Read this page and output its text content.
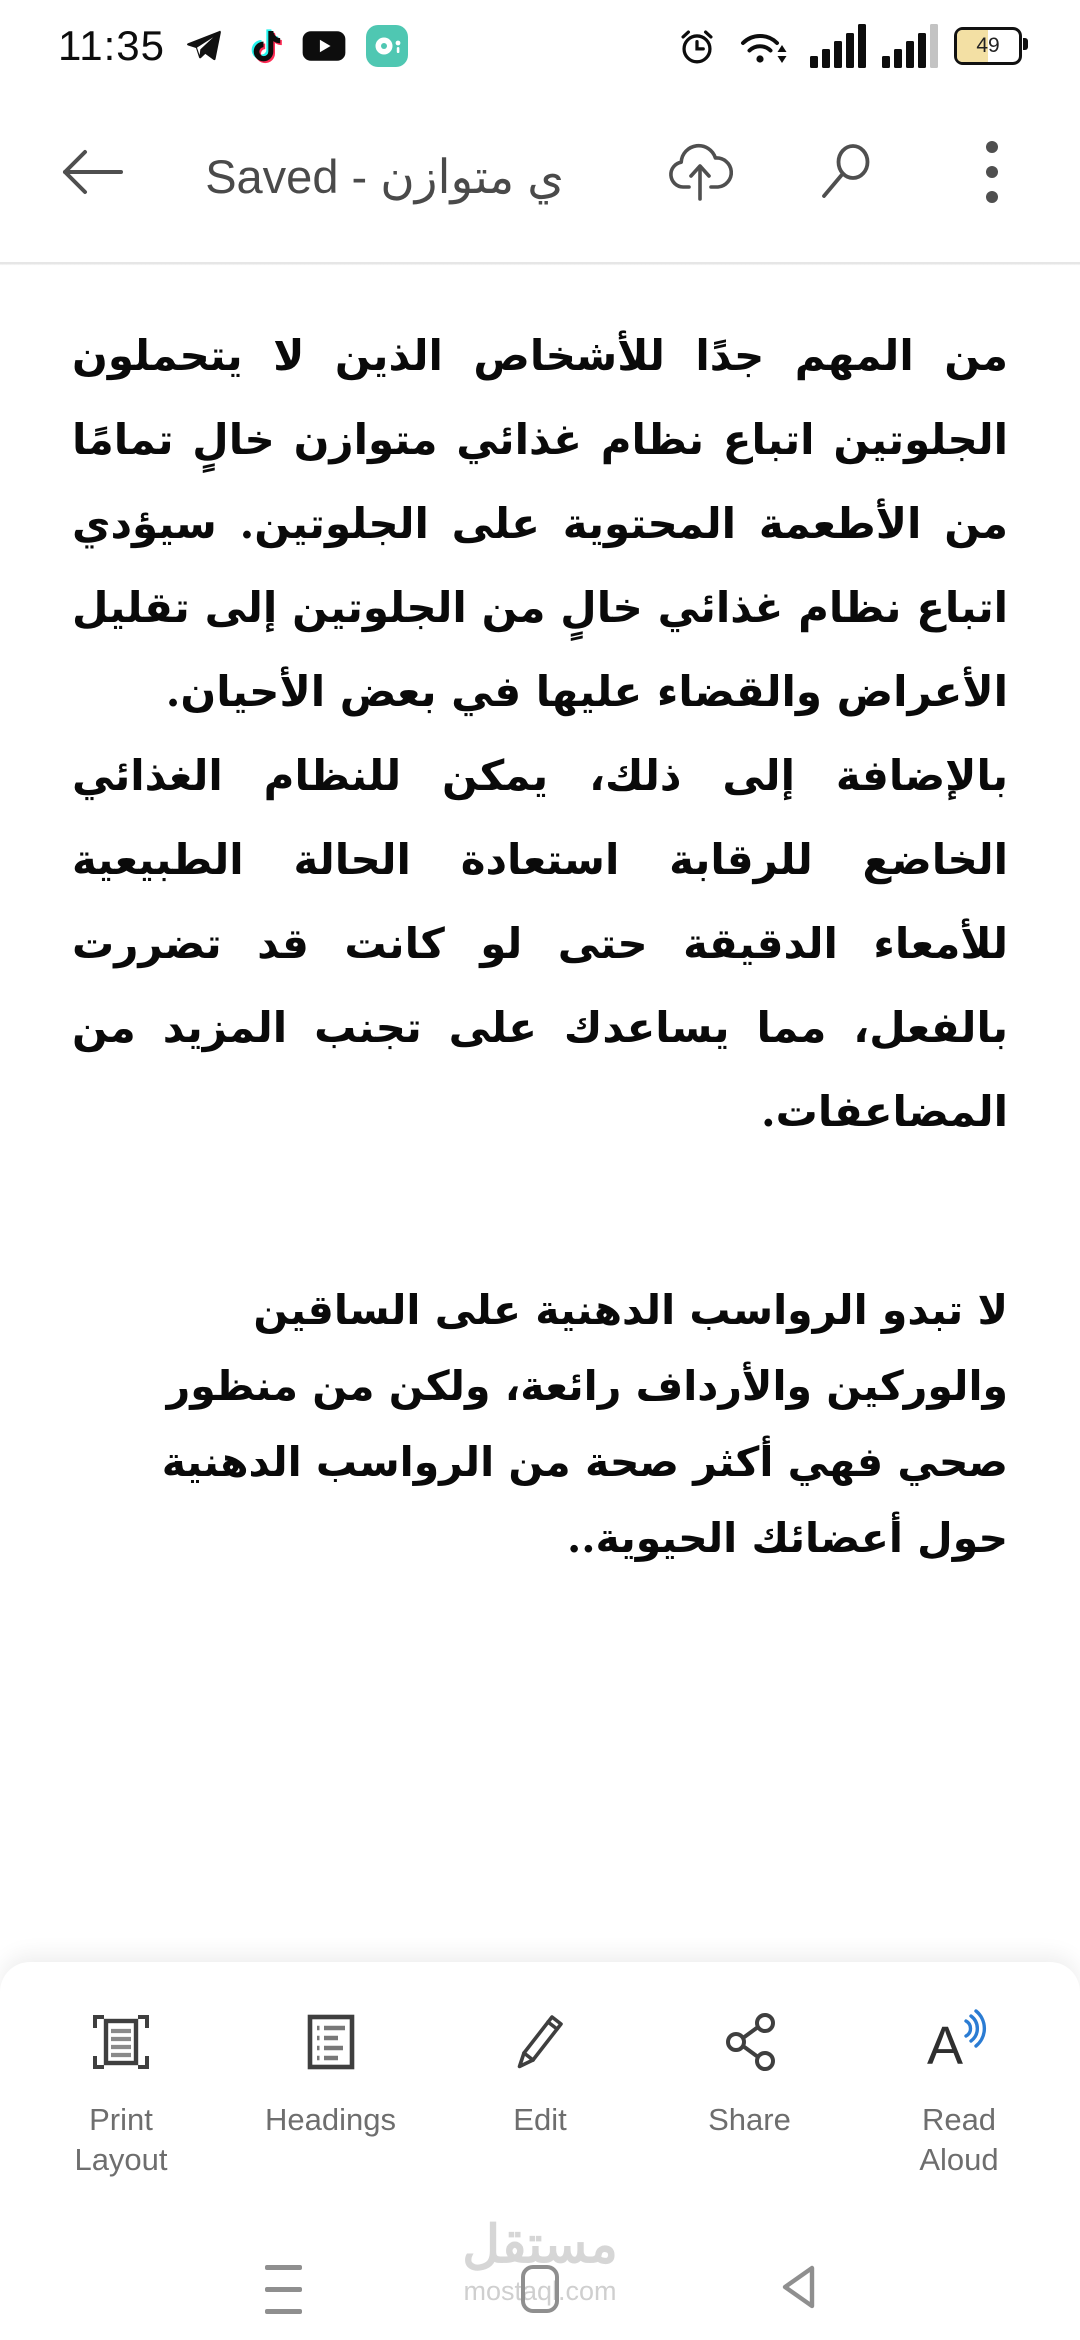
11:35	49
ي متوازن - Saved

من المهم جدًا للأشخاص الذين لا يتحملون الجلوتين اتباع نظام غذائي متوازن خالٍ تمامًا من الأطعمة المحتوية على الجلوتين. سيؤدي اتباع نظام غذائي خالٍ من الجلوتين إلى تقليل الأعراض والقضاء عليها في بعض الأحيان.

بالإضافة إلى ذلك، يمكن للنظام الغذائي الخاضع للرقابة استعادة الحالة الطبيعية للأمعاء الدقيقة حتى لو كانت قد تضررت بالفعل، مما يساعدك على تجنب المزيد من المضاعفات.

لا تبدو الرواسب الدهنية على الساقين والوركين والأرداف رائعة، ولكن من منظور صحي فهي أكثر صحة من الرواسب الدهنية حول أعضائك الحيوية..

Print Layout
Headings	Edit	Share
A
Read Aloud
مستقل
mostaql.com
